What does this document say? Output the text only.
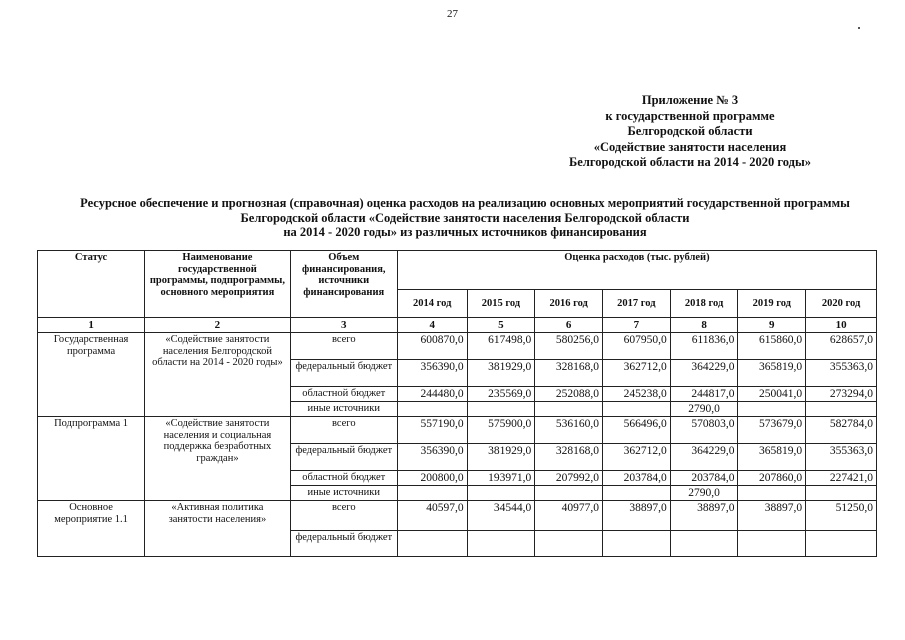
27
Приложение № 3
к государственной программе
Белгородской области
«Содействие занятости населения
Белгородской области на 2014 - 2020 годы»
Ресурсное обеспечение и прогнозная (справочная) оценка расходов на реализацию основных мероприятий государственной программы
Белгородской области «Содействие занятости населения Белгородской области
на 2014 - 2020 годы» из различных источников финансирования
Статус	Наименование государственной программы, подпрограммы, основного мероприятия	Объем финансирования, источники финансирования	Оценка расходов (тыс. рублей)						
			2014 год	2015 год	2016 год	2017 год	2018 год	2019 год	2020 год
1	2	3	4	5	6	7	8	9	10
Государственная программа	«Содействие занятости населения Белгородской области на 2014 - 2020 годы»	всего	600870,0	617498,0	580256,0	607950,0	611836,0	615860,0	628657,0
		федеральный бюджет	356390,0	381929,0	328168,0	362712,0	364229,0	365819,0	355363,0
		областной бюджет	244480,0	235569,0	252088,0	245238,0	244817,0	250041,0	273294,0
		иные источники					2790,0		
Подпрограмма 1	«Содействие занятости населения и социальная поддержка безработных граждан»	всего	557190,0	575900,0	536160,0	566496,0	570803,0	573679,0	582784,0
		федеральный бюджет	356390,0	381929,0	328168,0	362712,0	364229,0	365819,0	355363,0
		областной бюджет	200800,0	193971,0	207992,0	203784,0	203784,0	207860,0	227421,0
		иные источники					2790,0		
Основное мероприятие 1.1	«Активная политика занятости населения»	всего	40597,0	34544,0	40977,0	38897,0	38897,0	38897,0	51250,0
		федеральный бюджет							
